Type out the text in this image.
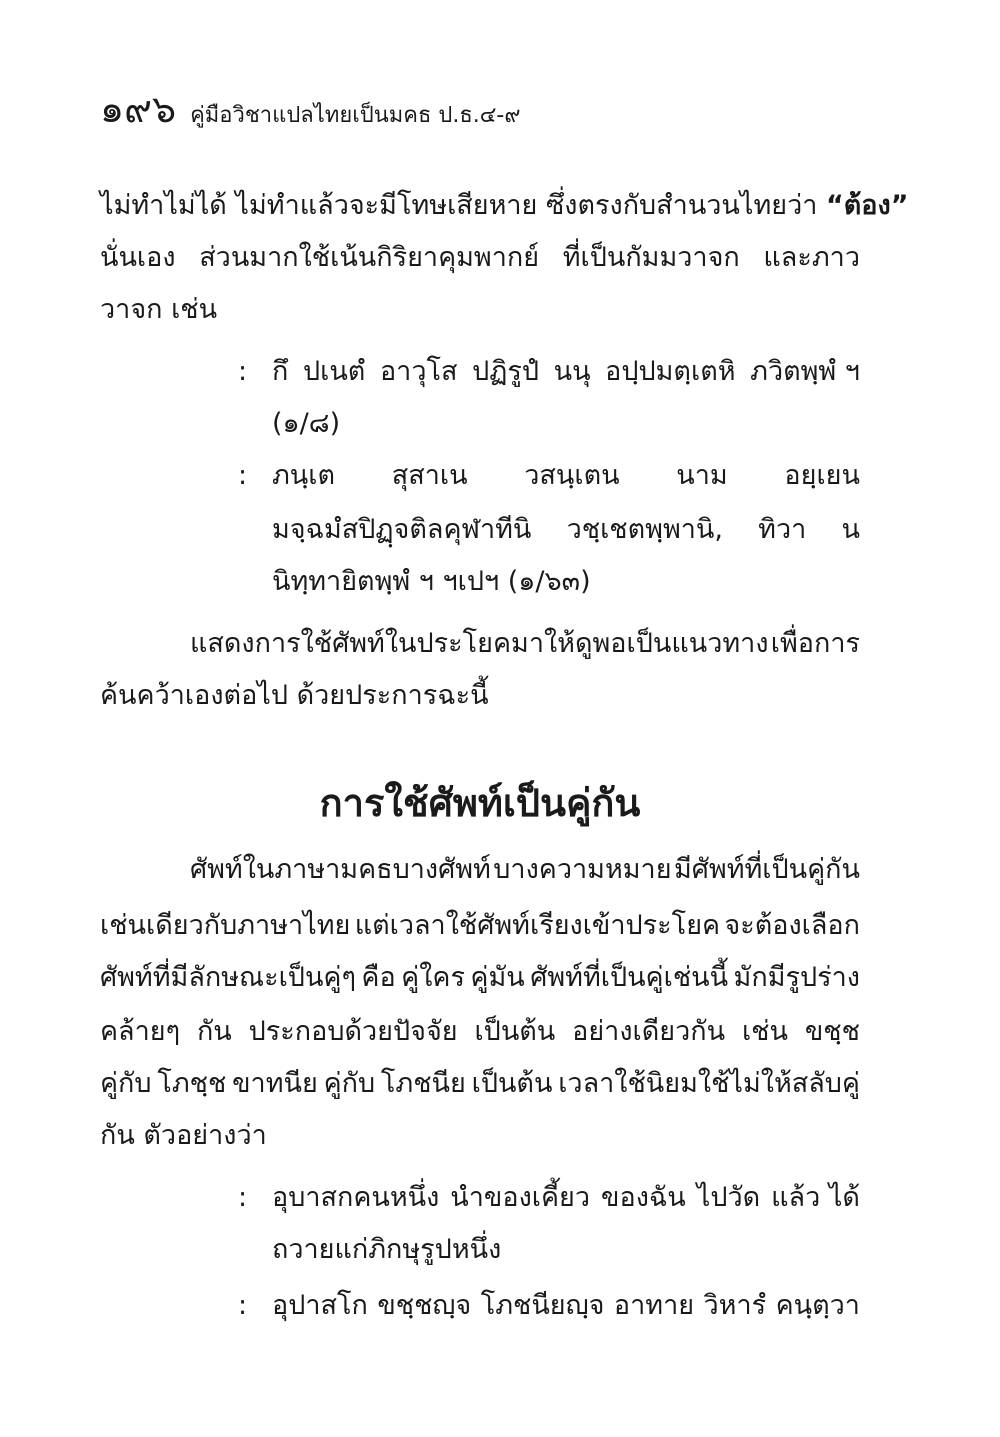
๑๙๖ คู่มือวิชาแปลไทยเป็นมคธ ป.ธ.๔-๙
ไม่ทำไม่ได้ ไม่ทำแล้วจะมีโทษเสียหาย ซึ่งตรงกับสำนวนไทยว่า “ต้อง”
นั่นเอง ส่วนมากใช้เน้นกิริยาคุมพากย์ ที่เป็นกัมมวาจก และภาว
วาจก เช่น
: กึ ปเนตํ อาวุโส ปฏิรูปํ นนุ อปฺปมตฺเตหิ ภวิตพฺพํ ฯ
(๑/๘)
: ภนฺเต สุสาเน วสนฺเตน นาม อยฺเยน
มจฺฉมํสปิฏฺจติลคุฬาทีนิ วชฺเชตพฺพานิ, ทิวา น
นิทฺทายิตพฺพํ ฯ ฯเปฯ (๑/๖๓)
แสดงการใช้ศัพท์ในประโยคมาให้ดูพอเป็นแนวทาง เพื่อการ
ค้นคว้าเองต่อไป ด้วยประการฉะนี้
การใช้ศัพท์เป็นคู่กัน
ศัพท์ในภาษามคธบางศัพท์ บางความหมาย มีศัพท์ที่เป็นคู่กัน
เช่นเดียวกับภาษาไทย แต่เวลาใช้ศัพท์เรียงเข้าประโยค จะต้องเลือก
ศัพท์ที่มีลักษณะเป็นคู่ๆ คือ คู่ใคร คู่มัน ศัพท์ที่เป็นคู่เช่นนี้ มักมีรูปร่าง
คล้ายๆ กัน ประกอบด้วยปัจจัย เป็นต้น อย่างเดียวกัน เช่น ขชฺช
คู่กับ โภชฺช ขาทนีย คู่กับ โภชนีย เป็นต้น เวลาใช้นิยมใช้ไม่ให้สลับคู่
กัน ตัวอย่างว่า
: อุบาสกคนหนึ่ง นำของเคี้ยว ของฉัน ไปวัด แล้ว ได้
ถวายแก่ภิกษุรูปหนึ่ง
: อุปาสโก ขชฺชญฺจ โภชนียญฺจ อาทาย วิหารํ คนฺตฺวา
